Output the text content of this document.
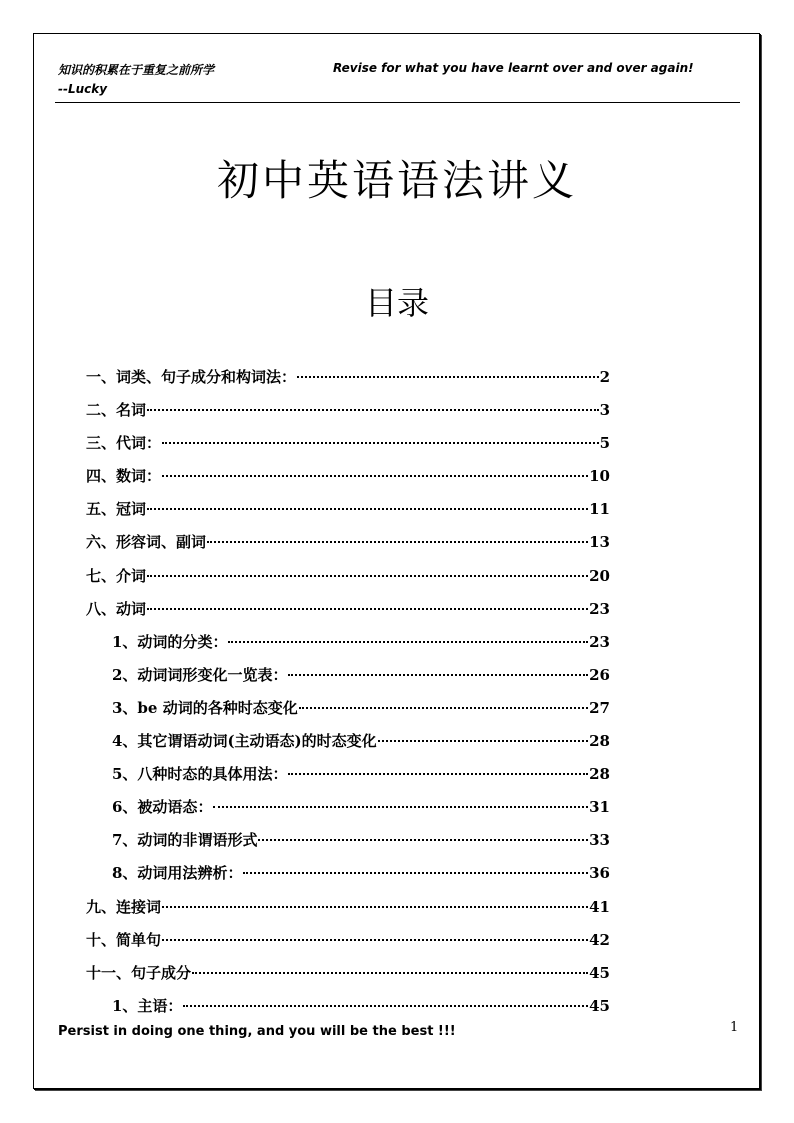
知识的积累在于重复之前所学
--Lucky
Revise for what you have learnt over and over again!
初中英语语法讲义
目录
一、词类、句子成分和构词法：	2
二、名词	3
三、代词：	5
四、数词：	10
五、冠词	11
六、形容词、副词	13
七、介词	20
八、动词	23
1、动词的分类：	23
2、动词词形变化一览表：	26
3、be 动词的各种时态变化	27
4、其它谓语动词(主动语态)的时态变化	28
5、八种时态的具体用法：	28
6、被动语态：	31
7、动词的非谓语形式	33
8、动词用法辨析：	36
九、连接词	41
十、简单句	42
十一、句子成分	45
1、主语：	45
Persist in doing one thing, and you will be the best !!!	1
